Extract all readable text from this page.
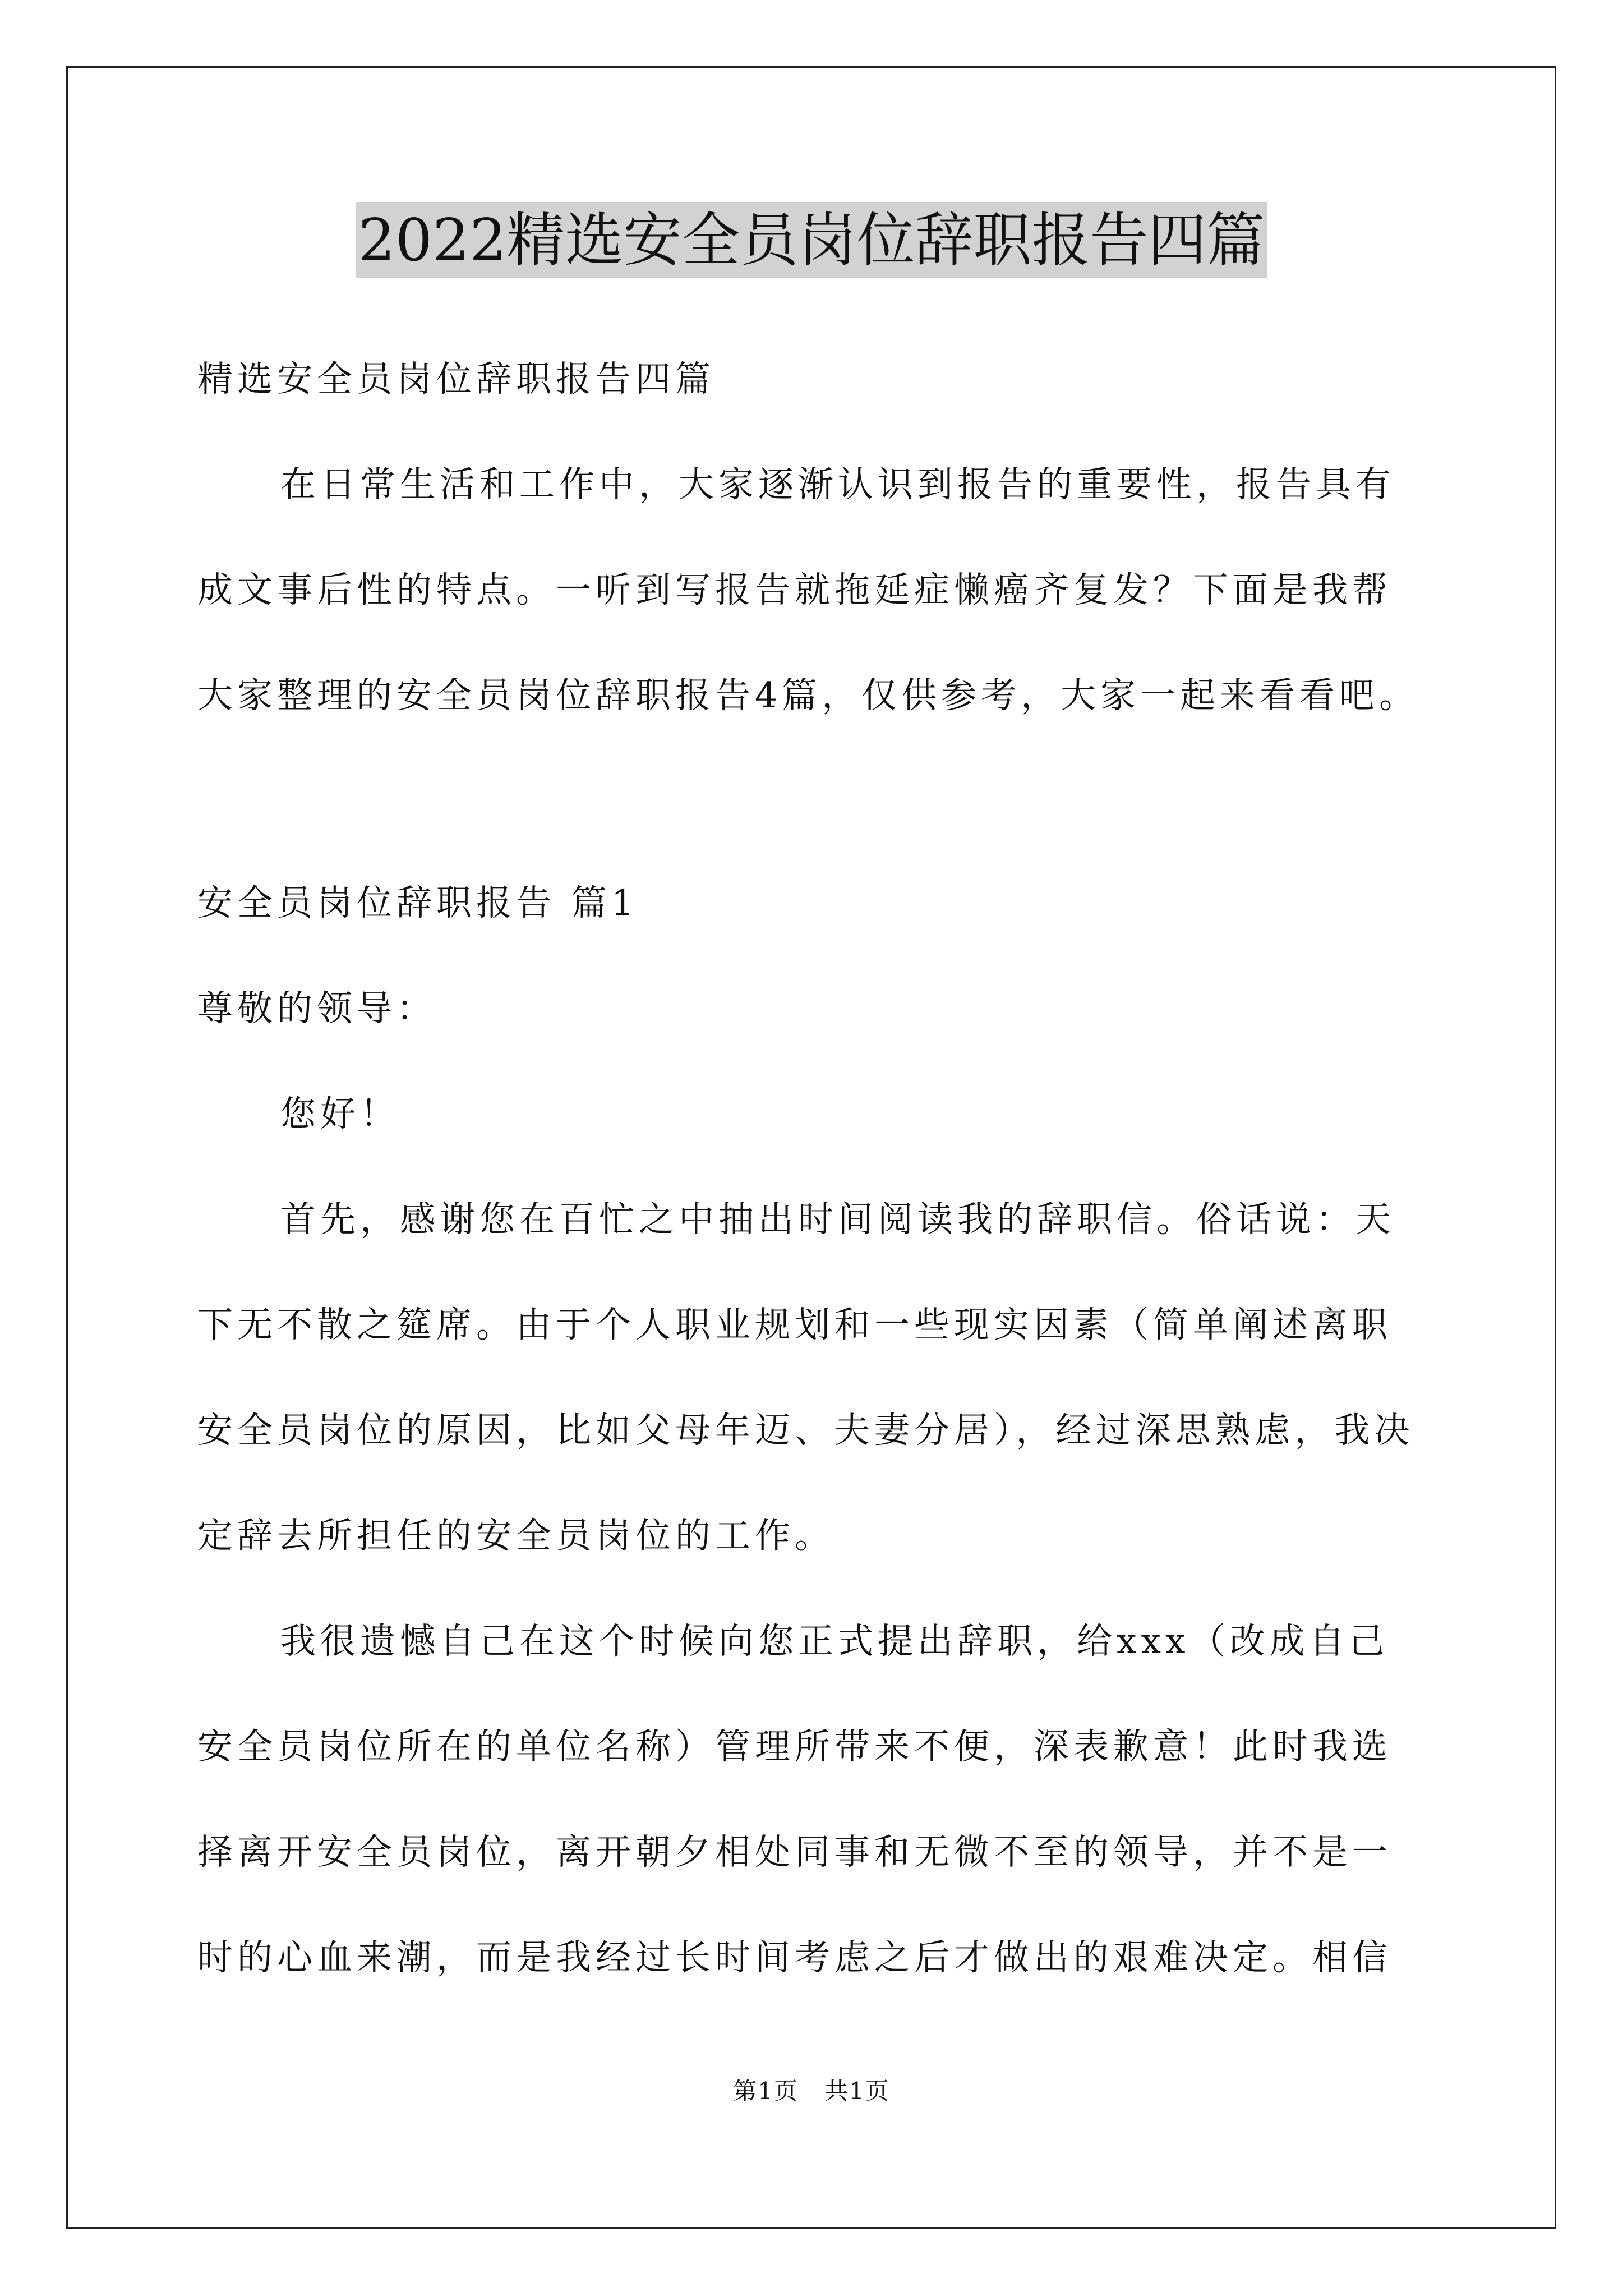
2022精选安全员岗位辞职报告四篇
精选安全员岗位辞职报告四篇
在日常生活和工作中，大家逐渐认识到报告的重要性，报告具有
成文事后性的特点。一听到写报告就拖延症懒癌齐复发？下面是我帮
大家整理的安全员岗位辞职报告4篇，仅供参考，大家一起来看看吧。
安全员岗位辞职报告 篇1
尊敬的领导：
您好！
首先，感谢您在百忙之中抽出时间阅读我的辞职信。俗话说：天
下无不散之筵席。由于个人职业规划和一些现实因素（简单阐述离职
安全员岗位的原因，比如父母年迈、夫妻分居），经过深思熟虑，我决
定辞去所担任的安全员岗位的工作。
我很遗憾自己在这个时候向您正式提出辞职，给xxx（改成自己
安全员岗位所在的单位名称）管理所带来不便，深表歉意！此时我选
择离开安全员岗位，离开朝夕相处同事和无微不至的领导，并不是一
时的心血来潮，而是我经过长时间考虑之后才做出的艰难决定。相信
第1页   共1页
